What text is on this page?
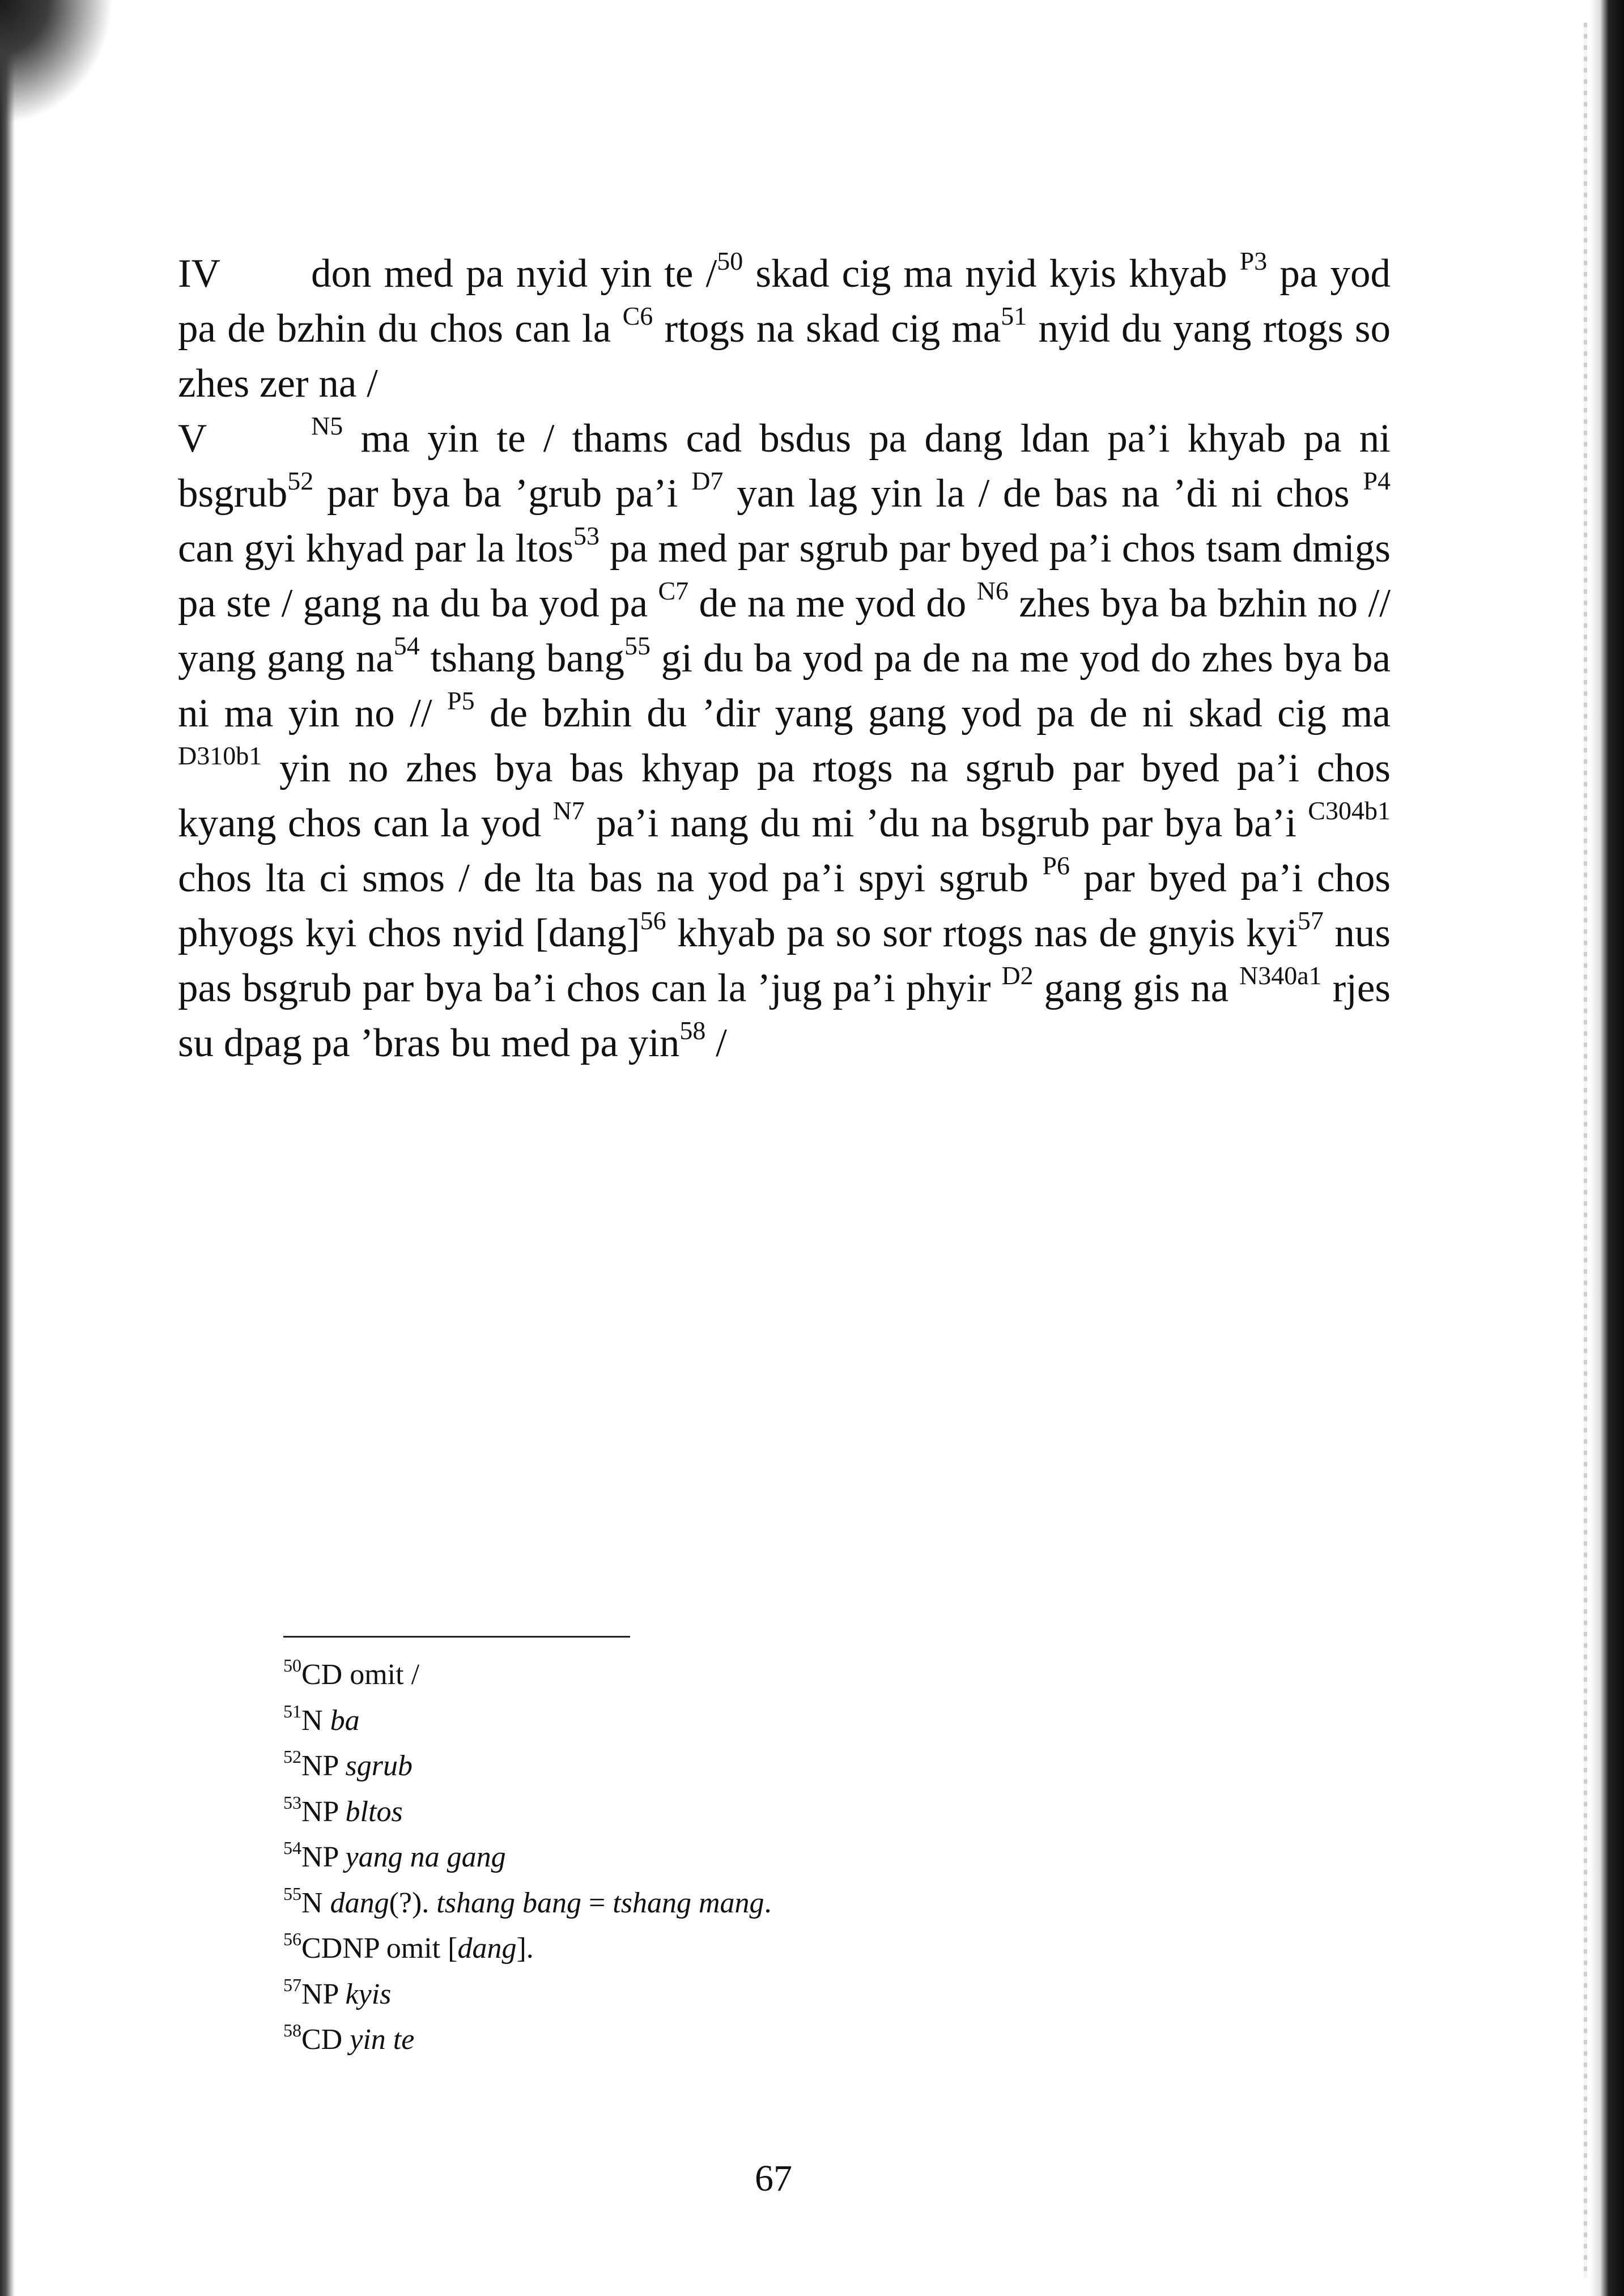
IV don med pa nyid yin te /$^{50}$ skad cig ma nyid kyis khyab $^{P3}$ pa yod pa de bzhin du chos can la $^{C6}$ rtogs na skad cig $ma^{51}$ nyid du yang rtogs so zhes zer na /

V	$^{N5}$ ma yin te / thams cad bsdus pa dang ldan pa’i khyab pa ni bsgrub$^{52}$ par bya ba ’grub pa’i $^{D7}$ yan lag yin la / de bas na ’di ni chos $^{P4}$ can gyi khyad par la ltos$^{53}$ pa med par sgrub par byed pa’i chos tsam dmigs pa ste / gang na du ba yod pa $^{C7}$ de na me yod do $^{N6}$ zhes bya ba bzhin no // yang gang $na^{54}$ tshang bang$^{55}$ gi du ba yod pa de na me yod do zhes bya ba ni ma yin no // $^{P5}$ de bzhin du ’dir yang gang yod pa de ni skad cig ma $^{D310b1}$ yin no zhes bya bas khyap pa rtogs na sgrub par byed pa’i chos kyang chos can la yod $^{N7}$ pa’i nang du mi ’du na bsgrub par bya ba’i $^{C304b1}$ chos lta ci smos / de lta bas na yod pa’i spyi sgrub $^{P6}$ par byed pa’i chos phyogs kyi chos nyid [dang]$^{56}$ khyab pa so sor rtogs nas de gnyis kyi$^{57}$ nus pas bsgrub par bya ba’i chos can la ’jug pa’i phyir $^{D2}$ gang gis na $^{N340a1}$ rjes su dpag pa ’bras bu med pa yin$^{58}$ /

$^{50}$CD omit /
$^{51}$N ba
$^{52}$NP sgrub
$^{53}$NP bltos
$^{54}$NP yang na gang
$^{55}$N dang(?). tshang bang = tshang mang.
$^{56}$CDNP omit [dang].
$^{57}$NP kyis
$^{58}$CD yin te
67
